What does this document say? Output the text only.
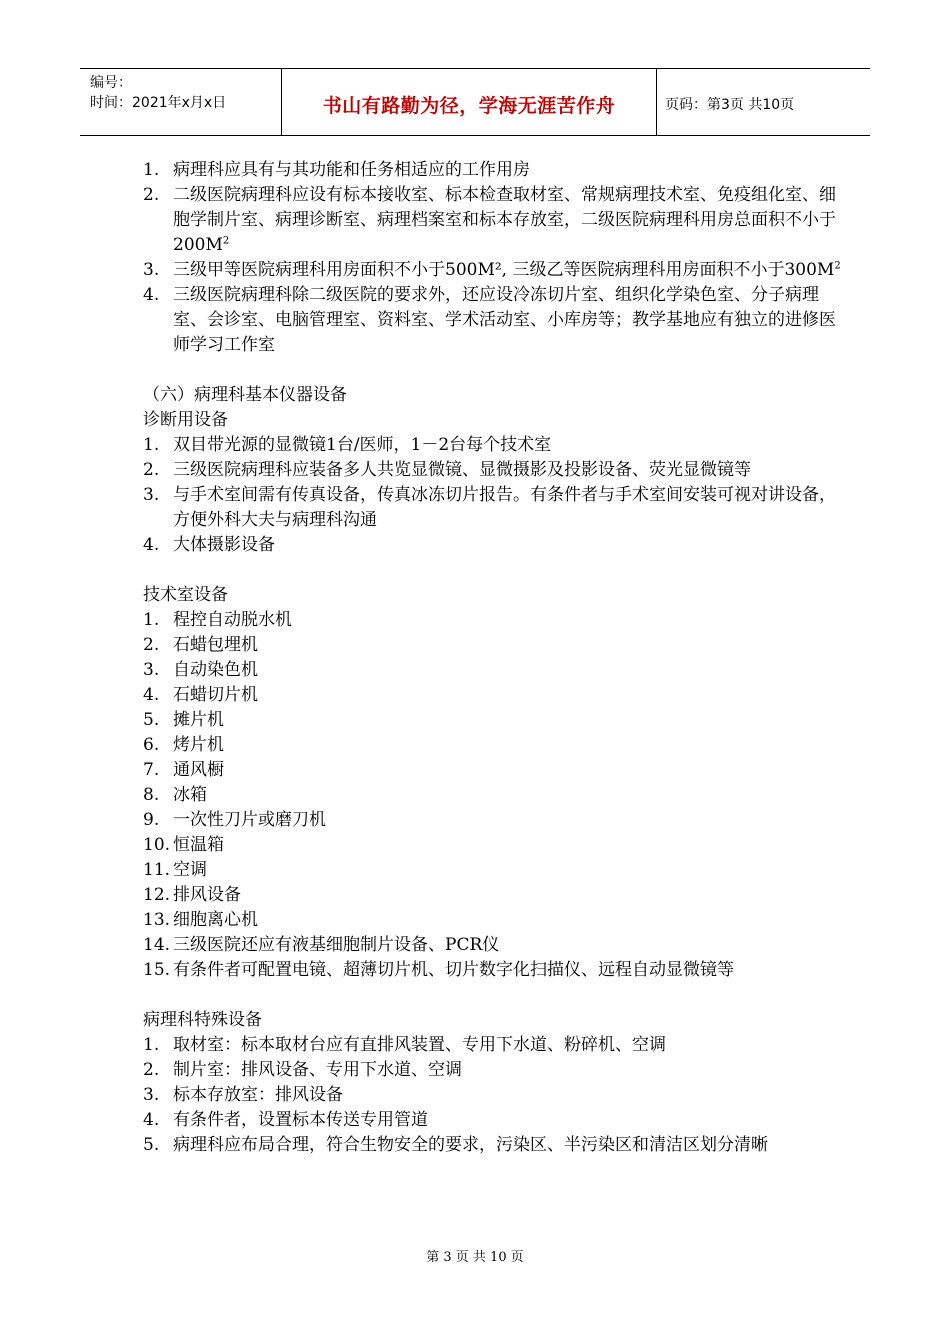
编号：
时间：2021年x月x日	书山有路勤为径，学海无涯苦作舟	页码：第3页 共10页
1. 病理科应具有与其功能和任务相适应的工作用房
2. 二级医院病理科应设有标本接收室、标本检查取材室、常规病理技术室、免疫组化室、细胞学制片室、病理诊断室、病理档案室和标本存放室，二级医院病理科用房总面积不小于$200M^2$
3. 三级甲等医院病理科用房面积不小于500M², 三级乙等医院病理科用房面积不小于$300M^2$
4. 三级医院病理科除二级医院的要求外，还应设冷冻切片室、组织化学染色室、分子病理室、会诊室、电脑管理室、资料室、学术活动室、小库房等；教学基地应有独立的进修医师学习工作室

（六）病理科基本仪器设备

诊断用设备

1. 双目带光源的显微镜1台/医师，1－2台每个技术室
2. 三级医院病理科应装备多人共览显微镜、显微摄影及投影设备、荧光显微镜等
3. 与手术室间需有传真设备，传真冰冻切片报告。有条件者与手术室间安装可视对讲设备，方便外科大夫与病理科沟通
4. 大体摄影设备

技术室设备

1. 程控自动脱水机
2. 石蜡包埋机
3. 自动染色机
4. 石蜡切片机
5. 摊片机
6. 烤片机
7. 通风橱
8. 冰箱
9. 一次性刀片或磨刀机
10. 恒温箱
11. 空调
12. 排风设备
13. 细胞离心机
14. 三级医院还应有液基细胞制片设备、PCR仪
15. 有条件者可配置电镜、超薄切片机、切片数字化扫描仪、远程自动显微镜等

病理科特殊设备

1. 取材室：标本取材台应有直排风装置、专用下水道、粉碎机、空调
2. 制片室：排风设备、专用下水道、空调
3. 标本存放室：排风设备
4. 有条件者，设置标本传送专用管道
5. 病理科应布局合理，符合生物安全的要求，污染区、半污染区和清洁区划分清晰
第 3 页 共 10 页
